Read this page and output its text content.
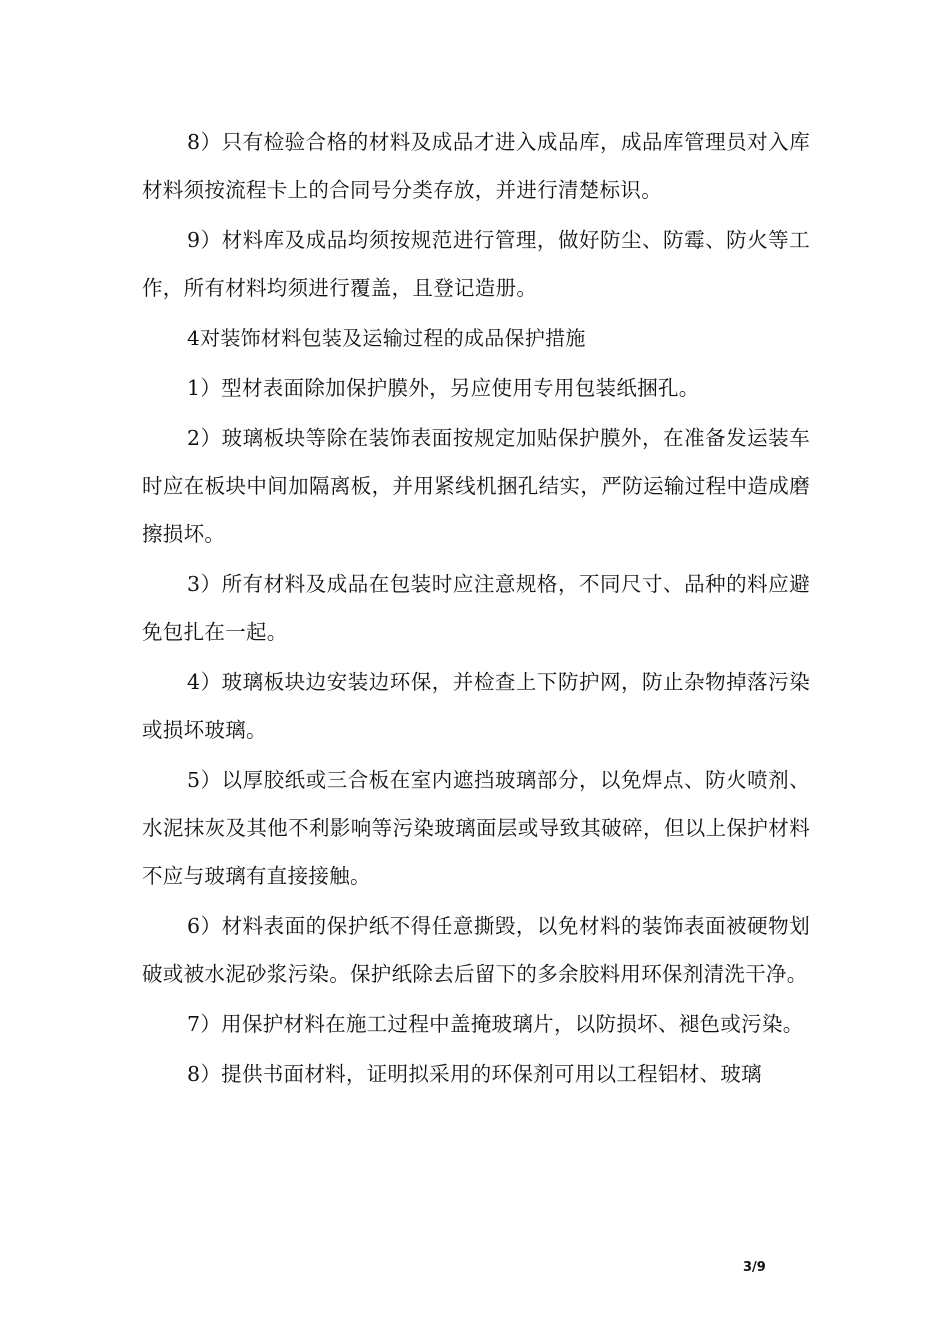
8）只有检验合格的材料及成品才进入成品库，成品库管理员对入库材料须按流程卡上的合同号分类存放，并进行清楚标识。

9）材料库及成品均须按规范进行管理，做好防尘、防霉、防火等工作，所有材料均须进行覆盖，且登记造册。

4对装饰材料包装及运输过程的成品保护措施

1）型材表面除加保护膜外，另应使用专用包装纸捆孔。

2）玻璃板块等除在装饰表面按规定加贴保护膜外，在准备发运装车时应在板块中间加隔离板，并用紧线机捆孔结实，严防运输过程中造成磨擦损坏。

3）所有材料及成品在包装时应注意规格，不同尺寸、品种的料应避免包扎在一起。

4）玻璃板块边安装边环保，并检查上下防护网，防止杂物掉落污染或损坏玻璃。

5）以厚胶纸或三合板在室内遮挡玻璃部分，以免焊点、防火喷剂、水泥抹灰及其他不利影响等污染玻璃面层或导致其破碎，但以上保护材料不应与玻璃有直接接触。

6）材料表面的保护纸不得任意撕毁，以免材料的装饰表面被硬物划破或被水泥砂浆污染。保护纸除去后留下的多余胶料用环保剂清洗干净。

7）用保护材料在施工过程中盖掩玻璃片，以防损坏、褪色或污染。

8）提供书面材料，证明拟采用的环保剂可用以工程铝材、玻璃

3/9
